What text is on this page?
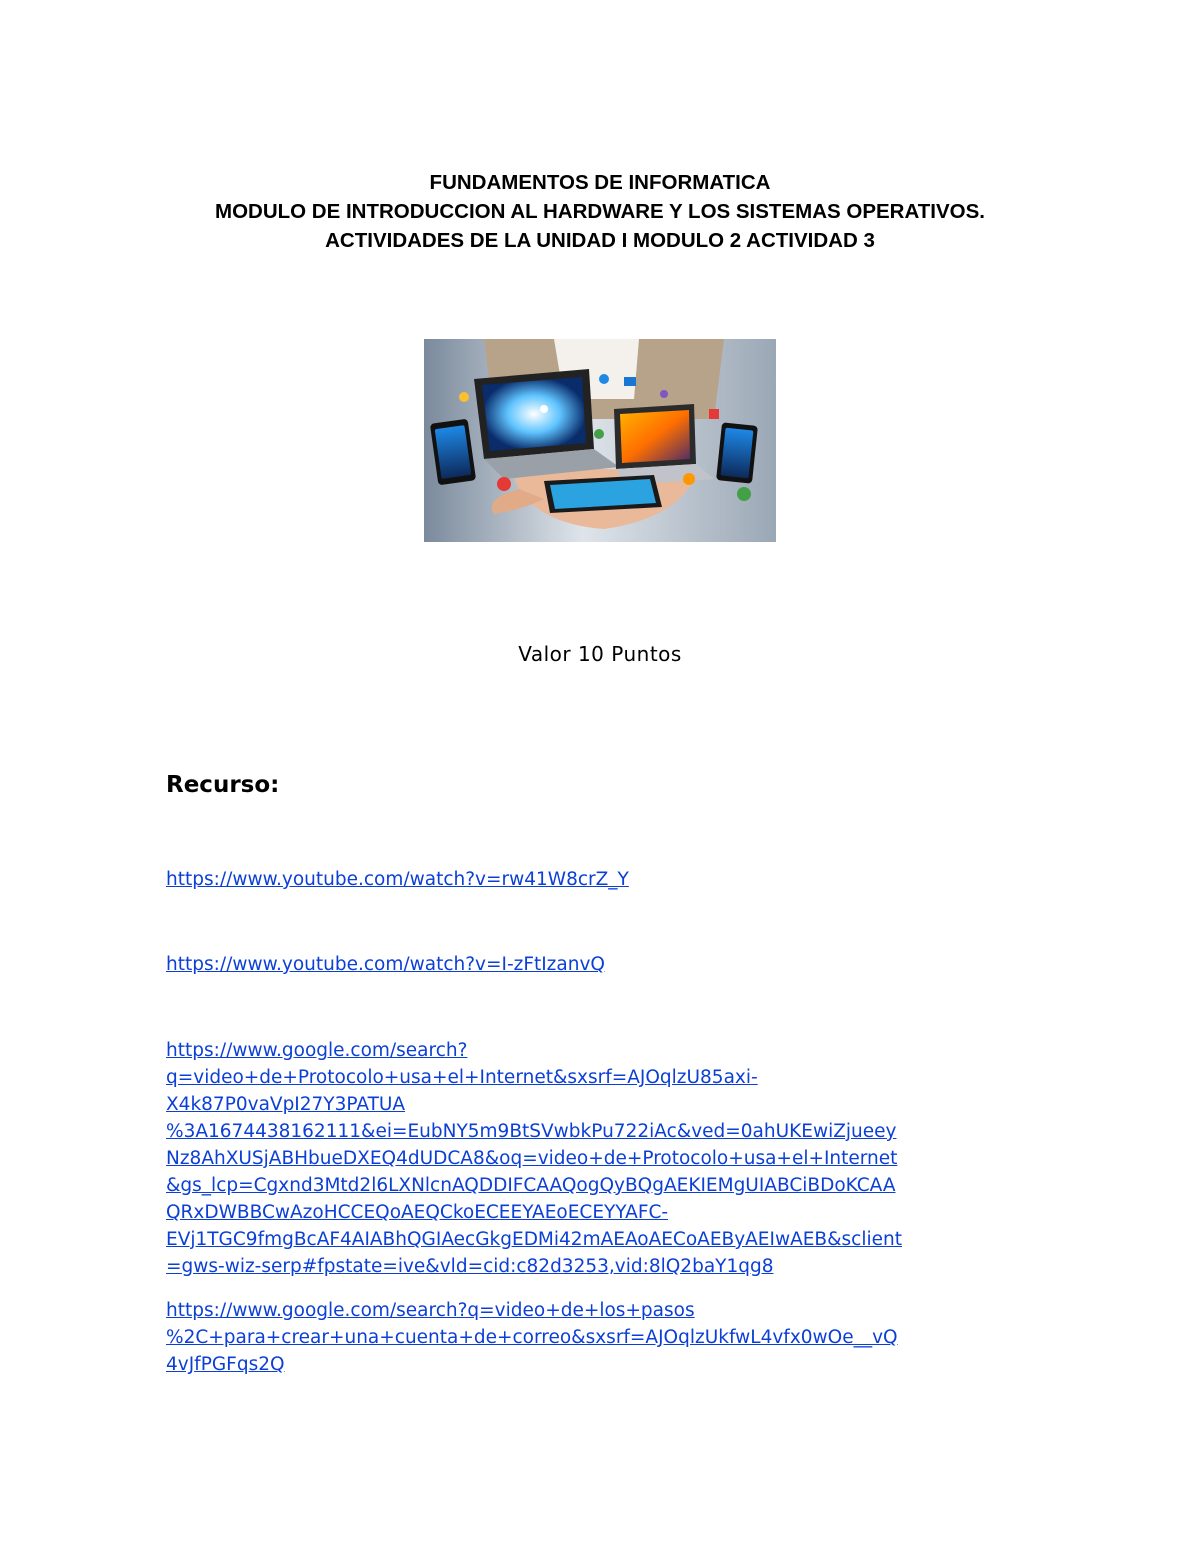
FUNDAMENTOS DE INFORMATICA
MODULO DE INTRODUCCION AL HARDWARE Y LOS SISTEMAS OPERATIVOS.
ACTIVIDADES DE LA UNIDAD I MODULO 2 ACTIVIDAD 3
Valor 10 Puntos
Recurso:
https://www.youtube.com/watch?v=rw41W8crZ_Y
https://www.youtube.com/watch?v=I-zFtIzanvQ
https://www.google.com/search?
q=video+de+Protocolo+usa+el+Internet&sxsrf=AJOqlzU85axi-
X4k87P0vaVpI27Y3PATUA
%3A1674438162111&ei=EubNY5m9BtSVwbkPu722iAc&ved=0ahUKEwiZjueey
Nz8AhXUSjABHbueDXEQ4dUDCA8&oq=video+de+Protocolo+usa+el+Internet
&gs_lcp=Cgxnd3Mtd2l6LXNlcnAQDDIFCAAQogQyBQgAEKIEMgUIABCiBDoKCAA
QRxDWBBCwAzoHCCEQoAEQCkoECEEYAEoECEYYAFC-
EVj1TGC9fmgBcAF4AIABhQGIAecGkgEDMi42mAEAoAECoAEByAEIwAEB&sclient
=gws-wiz-serp#fpstate=ive&vld=cid:c82d3253,vid:8lQ2baY1qg8
https://www.google.com/search?q=video+de+los+pasos
%2C+para+crear+una+cuenta+de+correo&sxsrf=AJOqlzUkfwL4vfx0wOe__vQ
4vJfPGFqs2Q
